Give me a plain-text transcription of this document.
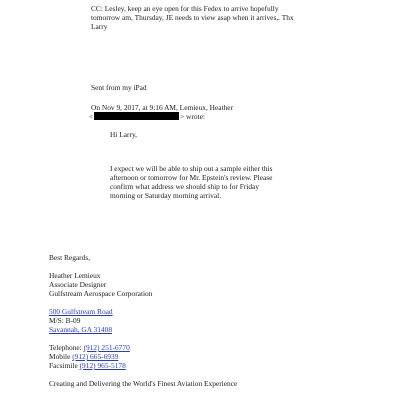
CC: Lesley, keep an eye open for this Fedex to arrive hopefully
tomorrow am, Thursday, JE needs to view asap when it arrives,. Thx
Larry
Sent from my iPad
On Nov 9, 2017, at 9:16 AM, Lemieux, Heather
<	> wrote:
Hi Larry,
I expect we will be able to ship out a sample either this
afternoon or tomorrow for Mr. Epstein's review. Please
confirm what address we should ship to for Friday
morning or Saturday morning arrival.
Best Regards,
Heather Lemieux
Associate Designer
Gulfstream Aerospace Corporation
500 Gulfstream Road
M/S: B-09
Savannah, GA 31408
Telephone: (912) 251-6770
Mobile (912) 665-6939
Facsimile (912) 965-5178
Creating and Delivering the World's Finest Aviation Experience
